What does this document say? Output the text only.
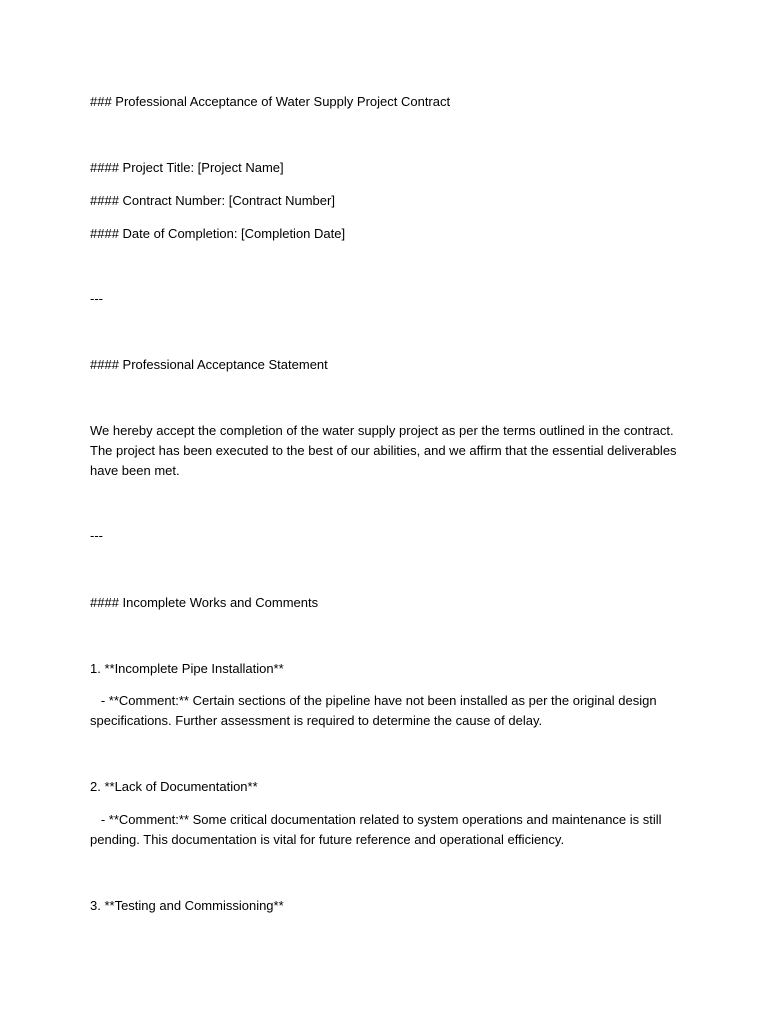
### Professional Acceptance of Water Supply Project Contract
#### Project Title: [Project Name]
#### Contract Number: [Contract Number]
#### Date of Completion: [Completion Date]
---
#### Professional Acceptance Statement
We hereby accept the completion of the water supply project as per the terms outlined in the contract. The project has been executed to the best of our abilities, and we affirm that the essential deliverables have been met.
---
#### Incomplete Works and Comments
1. **Incomplete Pipe Installation**
- **Comment:** Certain sections of the pipeline have not been installed as per the original design specifications. Further assessment is required to determine the cause of delay.
2. **Lack of Documentation**
- **Comment:** Some critical documentation related to system operations and maintenance is still pending. This documentation is vital for future reference and operational efficiency.
3. **Testing and Commissioning**
